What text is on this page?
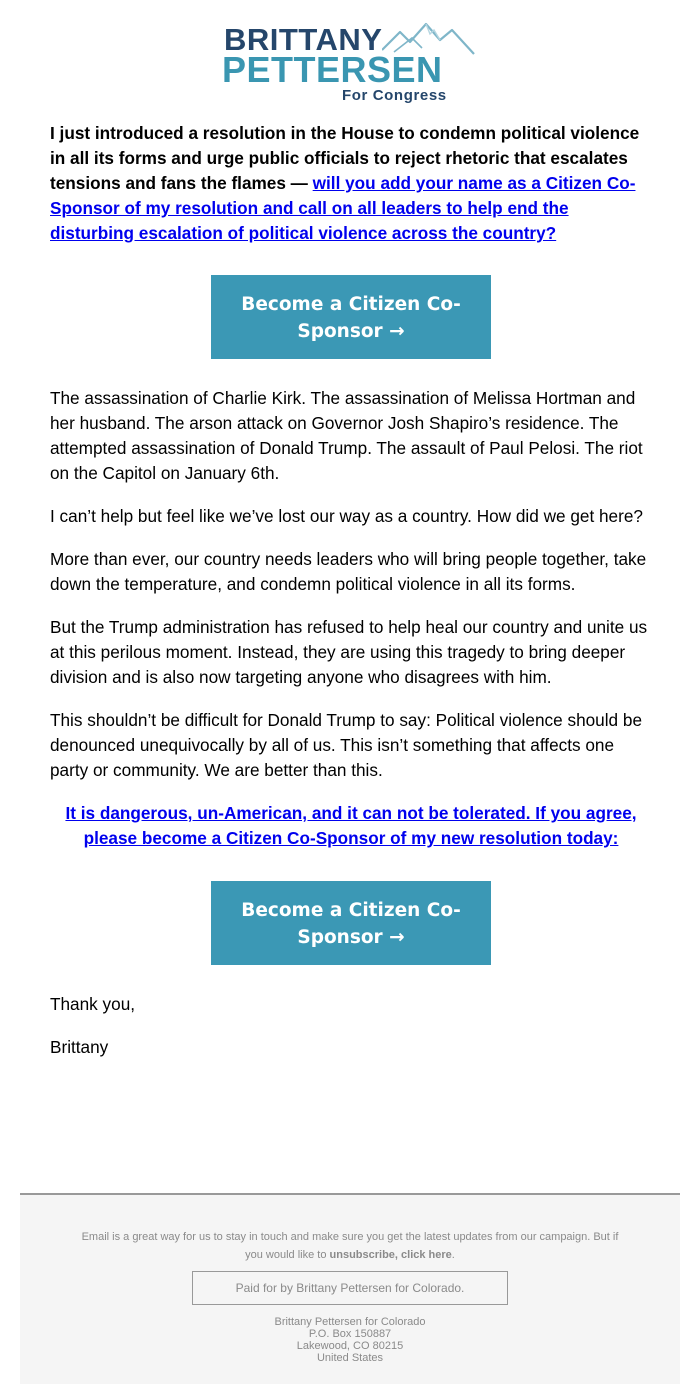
BRITTANY
PETTERSEN
For Congress

I just introduced a resolution in the House to condemn political violence in all its forms and urge public officials to reject rhetoric that escalates tensions and fans the flames — will you add your name as a Citizen Co-Sponsor of my resolution and call on all leaders to help end the disturbing escalation of political violence across the country?

Become a Citizen Co-Sponsor →

The assassination of Charlie Kirk. The assassination of Melissa Hortman and her husband. The arson attack on Governor Josh Shapiro’s residence. The attempted assassination of Donald Trump. The assault of Paul Pelosi. The riot on the Capitol on January 6th.

I can’t help but feel like we’ve lost our way as a country. How did we get here?

More than ever, our country needs leaders who will bring people together, take down the temperature, and condemn political violence in all its forms.

But the Trump administration has refused to help heal our country and unite us at this perilous moment. Instead, they are using this tragedy to bring deeper division and is also now targeting anyone who disagrees with him.

This shouldn’t be difficult for Donald Trump to say: Political violence should be denounced unequivocally by all of us. This isn’t something that affects one party or community. We are better than this.

It is dangerous, un-American, and it can not be tolerated. If you agree, please become a Citizen Co-Sponsor of my new resolution today:

Become a Citizen Co-Sponsor →

Thank you,

Brittany

Email is a great way for us to stay in touch and make sure you get the latest updates from our campaign. But if you would like to unsubscribe, click here.
Paid for by Brittany Pettersen for Colorado.
Brittany Pettersen for Colorado
P.O. Box 150887
Lakewood, CO 80215
United States
